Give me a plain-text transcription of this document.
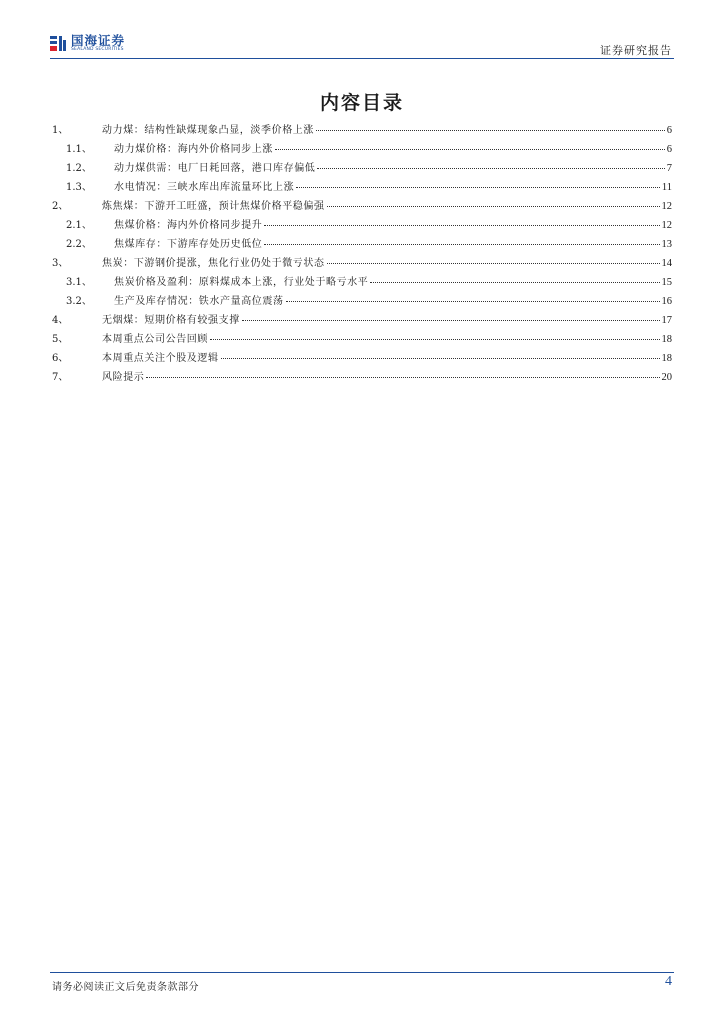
国海证券
SEALAND SECURITIES	证券研究报告
内容目录
1、	动力煤：结构性缺煤现象凸显，淡季价格上涨	6
1.1、	动力煤价格：海内外价格同步上涨	6
1.2、	动力煤供需：电厂日耗回落，港口库存偏低	7
1.3、	水电情况：三峡水库出库流量环比上涨	11
2、	炼焦煤：下游开工旺盛，预计焦煤价格平稳偏强	12
2.1、	焦煤价格：海内外价格同步提升	12
2.2、	焦煤库存：下游库存处历史低位	13
3、	焦炭：下游钢价提涨，焦化行业仍处于微亏状态	14
3.1、	焦炭价格及盈利：原料煤成本上涨，行业处于略亏水平	15
3.2、	生产及库存情况：铁水产量高位震荡	16
4、	无烟煤：短期价格有较强支撑	17
5、	本周重点公司公告回顾	18
6、	本周重点关注个股及逻辑	18
7、	风险提示	20
请务必阅读正文后免责条款部分	4
